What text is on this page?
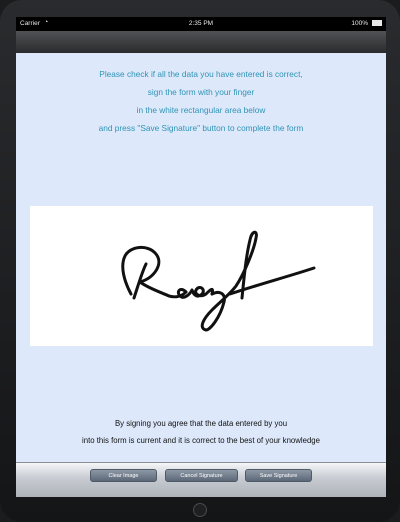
Carrier ◔	2:35 PM	100%
Please check if all the data you have entered is correct,
sign the form with your finger
in the white rectangular area below
and press "Save Signature" button to complete the form
By signing you agree that the data entered by you
into this form is current and it is correct to the best of your knowledge
Clear Image	Cancel Signature	Save Signature
